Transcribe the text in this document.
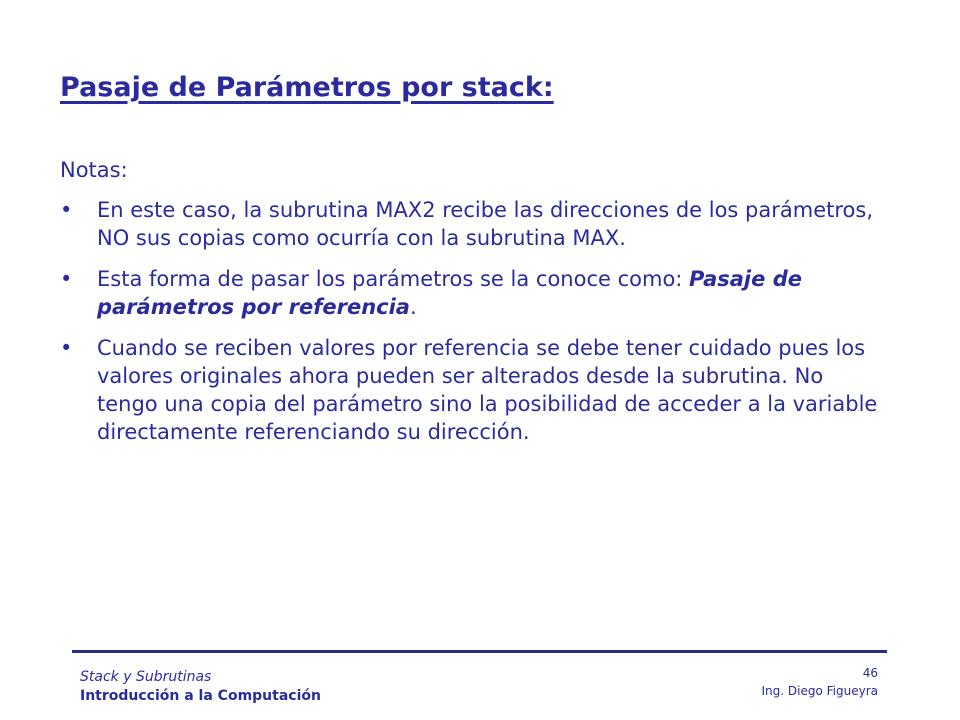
Pasaje de Parámetros por stack:
Notas:
•	En este caso, la subrutina MAX2 recibe las direcciones de los parámetros, NO sus copias como ocurría con la subrutina MAX.
•	Esta forma de pasar los parámetros se la conoce como: Pasaje de parámetros por referencia.
•	Cuando se reciben valores por referencia se debe tener cuidado pues los valores originales ahora pueden ser alterados desde la subrutina. No tengo una copia del parámetro sino la posibilidad de acceder a la variable directamente referenciando su dirección.
Stack y Subrutinas
Introducción a la Computación
46
Ing. Diego Figueyra
